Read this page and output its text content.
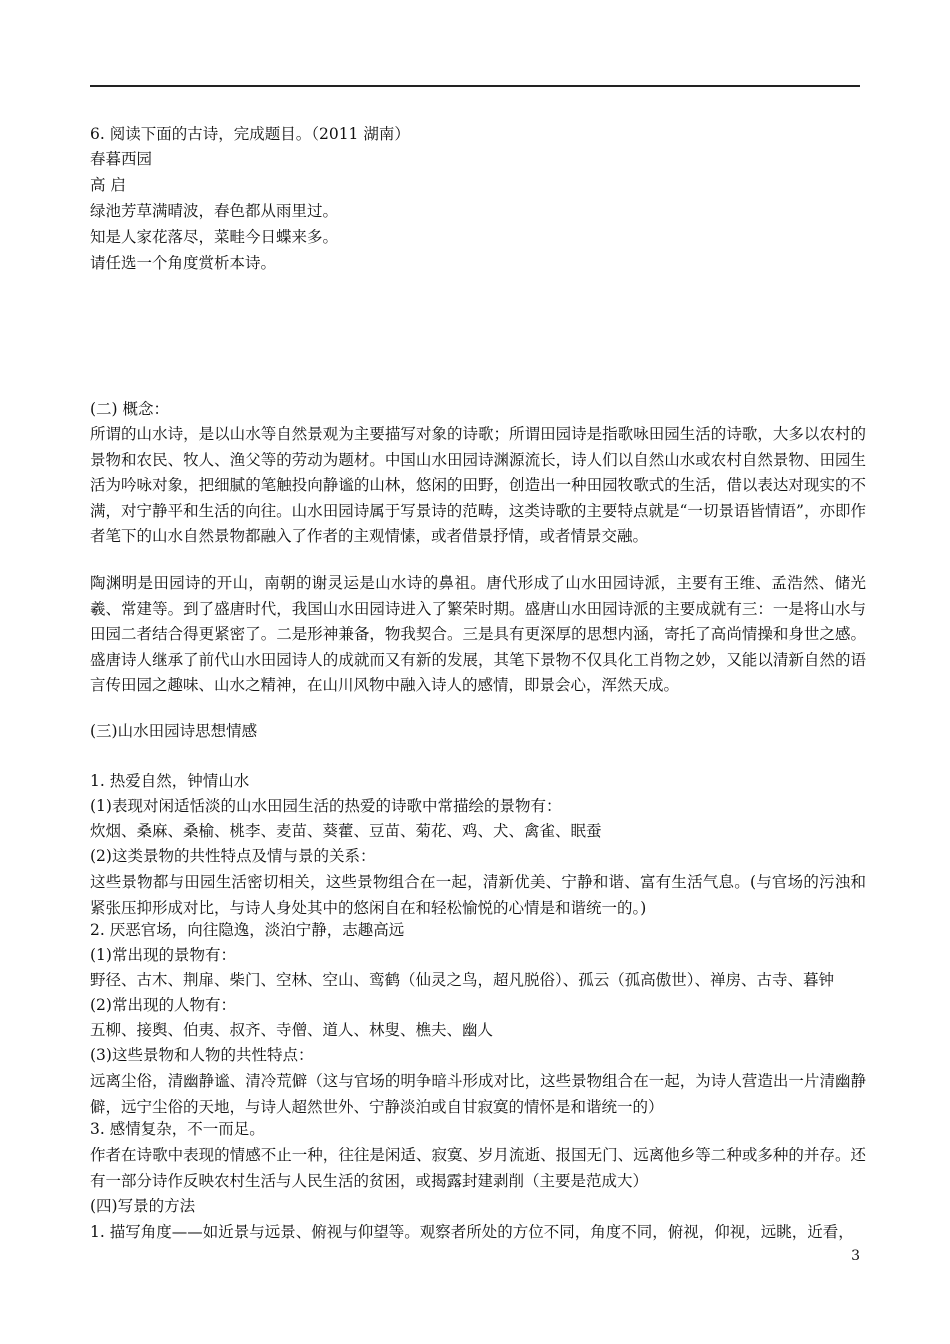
6. 阅读下面的古诗，完成题目。（2011 湖南）
春暮西园
高 启
绿池芳草满晴波，春色都从雨里过。
知是人家花落尽，菜畦今日蝶来多。
请任选一个角度赏析本诗。
(二) 概念：
所谓的山水诗，是以山水等自然景观为主要描写对象的诗歌；所谓田园诗是指歌咏田园生活的诗歌，大多以农村的景物和农民、牧人、渔父等的劳动为题材。中国山水田园诗渊源流长，诗人们以自然山水或农村自然景物、田园生活为吟咏对象，把细腻的笔触投向静谧的山林，悠闲的田野，创造出一种田园牧歌式的生活，借以表达对现实的不满，对宁静平和生活的向往。山水田园诗属于写景诗的范畴，这类诗歌的主要特点就是“一切景语皆情语”，亦即作者笔下的山水自然景物都融入了作者的主观情愫，或者借景抒情，或者情景交融。
陶渊明是田园诗的开山，南朝的谢灵运是山水诗的鼻祖。唐代形成了山水田园诗派，主要有王维、孟浩然、储光羲、常建等。到了盛唐时代，我国山水田园诗进入了繁荣时期。盛唐山水田园诗派的主要成就有三：一是将山水与田园二者结合得更紧密了。二是形神兼备，物我契合。三是具有更深厚的思想内涵，寄托了高尚情操和身世之感。盛唐诗人继承了前代山水田园诗人的成就而又有新的发展，其笔下景物不仅具化工肖物之妙，又能以清新自然的语言传田园之趣味、山水之精神，在山川风物中融入诗人的感情，即景会心，浑然天成。
(三)山水田园诗思想情感
1. 热爱自然，钟情山水
(1)表现对闲适恬淡的山水田园生活的热爱的诗歌中常描绘的景物有：
炊烟、桑麻、桑榆、桃李、麦苗、葵藿、豆苗、菊花、鸡、犬、禽雀、眠蚕
(2)这类景物的共性特点及情与景的关系：
这些景物都与田园生活密切相关，这些景物组合在一起，清新优美、宁静和谐、富有生活气息。(与官场的污浊和紧张压抑形成对比，与诗人身处其中的悠闲自在和轻松愉悦的心情是和谐统一的。)
2. 厌恶官场，向往隐逸，淡泊宁静，志趣高远
(1)常出现的景物有：
野径、古木、荆扉、柴门、空林、空山、鸾鹤（仙灵之鸟，超凡脱俗）、孤云（孤高傲世）、禅房、古寺、暮钟
(2)常出现的人物有：
五柳、接舆、伯夷、叔齐、寺僧、道人、林叟、樵夫、幽人
(3)这些景物和人物的共性特点：
远离尘俗，清幽静谧、清冷荒僻（这与官场的明争暗斗形成对比，这些景物组合在一起，为诗人营造出一片清幽静僻，远宁尘俗的天地，与诗人超然世外、宁静淡泊或自甘寂寞的情怀是和谐统一的）
3. 感情复杂，不一而足。
作者在诗歌中表现的情感不止一种，往往是闲适、寂寞、岁月流逝、报国无门、远离他乡等二种或多种的并存。还有一部分诗作反映农村生活与人民生活的贫困，或揭露封建剥削（主要是范成大）
(四)写景的方法
1. 描写角度——如近景与远景、俯视与仰望等。观察者所处的方位不同，角度不同，俯视，仰视，远眺，近看，
3
